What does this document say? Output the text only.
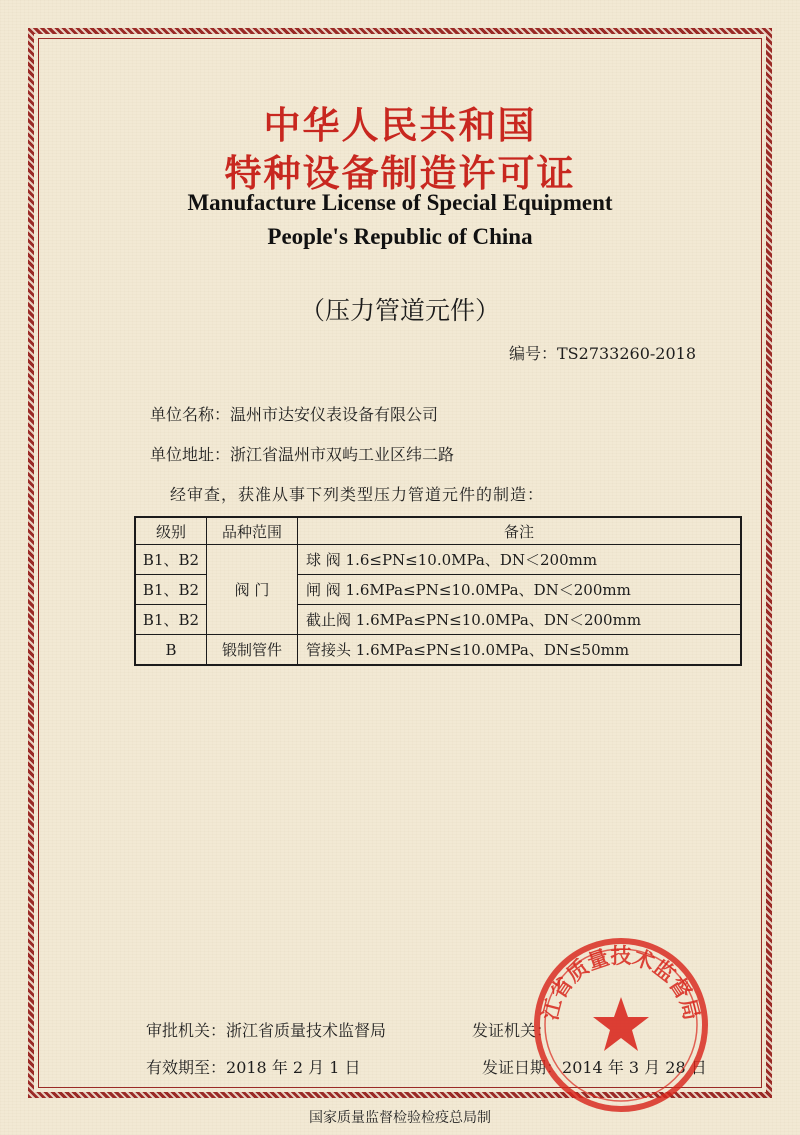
中华人民共和国
特种设备制造许可证
Manufacture License of Special Equipment
People's Republic of China
（压力管道元件）
编号：TS2733260-2018
单位名称：温州市达安仪表设备有限公司
单位地址：浙江省温州市双屿工业区纬二路
经审查，获准从事下列类型压力管道元件的制造：
级别	品种范围	备注
B1、B2	阀 门	球 阀 1.6≤PN≤10.0MPa、DN＜200mm
B1、B2		闸 阀 1.6MPa≤PN≤10.0MPa、DN＜200mm
B1、B2		截止阀 1.6MPa≤PN≤10.0MPa、DN＜200mm
B	锻制管件	管接头 1.6MPa≤PN≤10.0MPa、DN≤50mm
审批机关：浙江省质量技术监督局	发证机关：
有效期至：2018 年 2 月 1 日	发证日期：2014 年 3 月 28 日
江省质量技术监督局
国家质量监督检验检疫总局制
